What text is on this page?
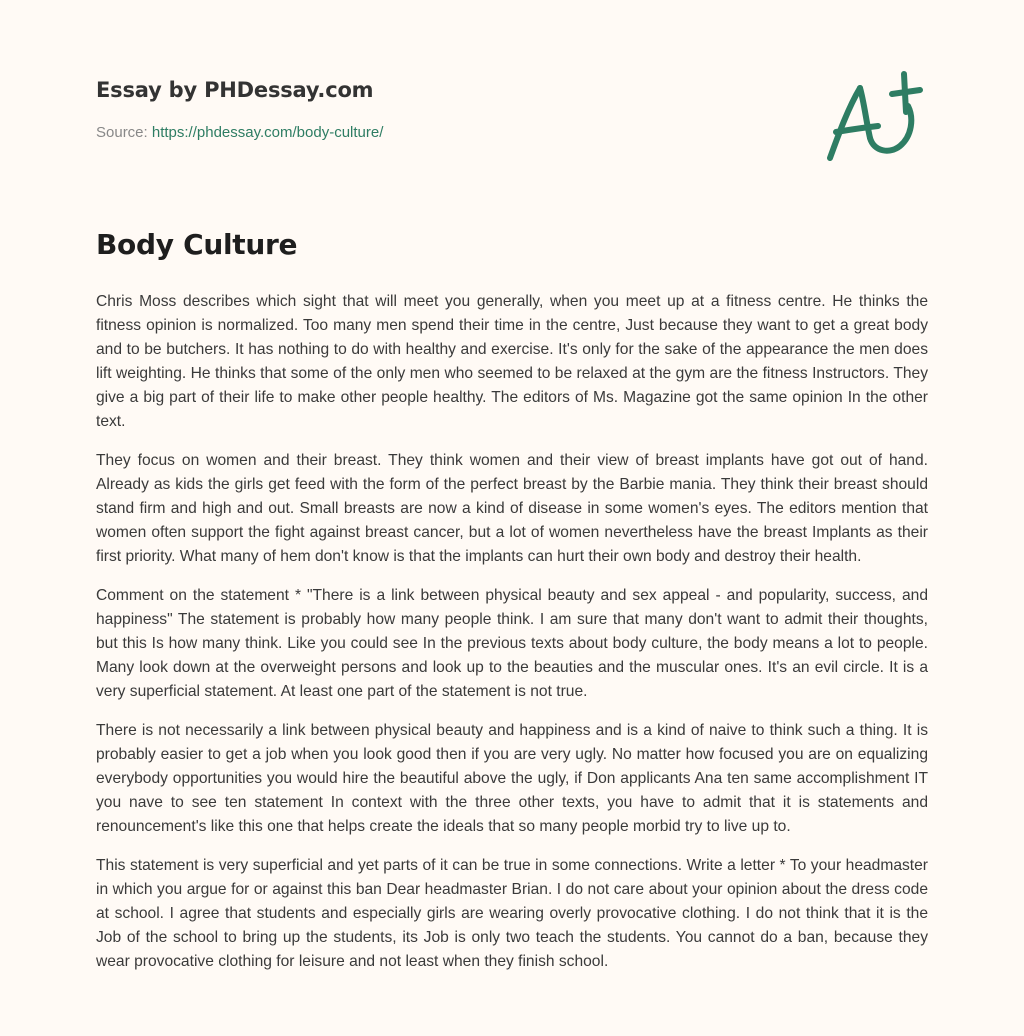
Essay by PHDessay.com
Source: https://phdessay.com/body-culture/
Body Culture

Chris Moss describes which sight that will meet you generally, when you meet up at a fitness centre. He thinks the fitness opinion is normalized. Too many men spend their time in the centre, Just because they want to get a great body and to be butchers. It has nothing to do with healthy and exercise. It's only for the sake of the appearance the men does lift weighting. He thinks that some of the only men who seemed to be relaxed at the gym are the fitness Instructors. They give a big part of their life to make other people healthy. The editors of Ms. Magazine got the same opinion In the other text.

They focus on women and their breast. They think women and their view of breast implants have got out of hand. Already as kids the girls get feed with the form of the perfect breast by the Barbie mania. They think their breast should stand firm and high and out. Small breasts are now a kind of disease in some women's eyes. The editors mention that women often support the fight against breast cancer, but a lot of women nevertheless have the breast Implants as their first priority. What many of hem don't know is that the implants can hurt their own body and destroy their health.

Comment on the statement * "There is a link between physical beauty and sex appeal - and popularity, success, and happiness" The statement is probably how many people think. I am sure that many don't want to admit their thoughts, but this Is how many think. Like you could see In the previous texts about body culture, the body means a lot to people. Many look down at the overweight persons and look up to the beauties and the muscular ones. It's an evil circle. It is a very superficial statement. At least one part of the statement is not true.

There is not necessarily a link between physical beauty and happiness and is a kind of naive to think such a thing. It is probably easier to get a job when you look good then if you are very ugly. No matter how focused you are on equalizing everybody opportunities you would hire the beautiful above the ugly, if Don applicants Ana ten same accomplishment IT you nave to see ten statement In context with the three other texts, you have to admit that it is statements and renouncement's like this one that helps create the ideals that so many people morbid try to live up to.

This statement is very superficial and yet parts of it can be true in some connections. Write a letter * To your headmaster in which you argue for or against this ban Dear headmaster Brian. I do not care about your opinion about the dress code at school. I agree that students and especially girls are wearing overly provocative clothing. I do not think that it is the Job of the school to bring up the students, its Job is only two teach the students. You cannot do a ban, because they wear provocative clothing for leisure and not least when they finish school.
